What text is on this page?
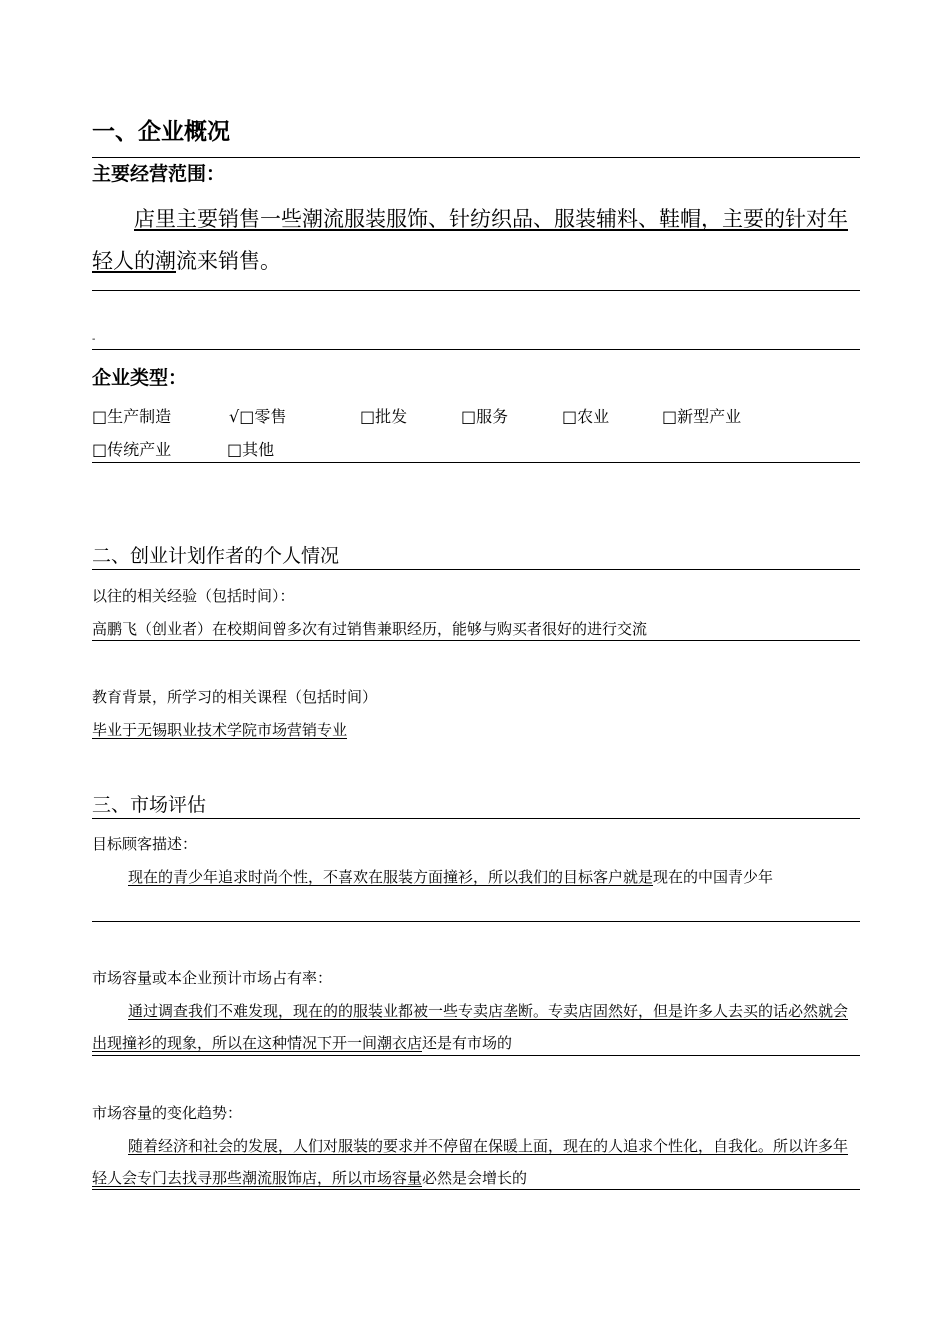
一、企业概况
主要经营范围：
店里主要销售一些潮流服装服饰、针纺织品、服装辅料、鞋帽，主要的针对年轻人的潮流来销售。
-
企业类型：
□生产制造	√□零售	□批发	□服务	□农业	□新型产业
□传统产业	□其他
二、创业计划作者的个人情况
以往的相关经验（包括时间）：
高鹏飞（创业者）在校期间曾多次有过销售兼职经历，能够与购买者很好的进行交流
教育背景，所学习的相关课程（包括时间）
毕业于无锡职业技术学院市场营销专业
三、市场评估
目标顾客描述：
现在的青少年追求时尚个性，不喜欢在服装方面撞衫，所以我们的目标客户就是现在的中国青少年
市场容量或本企业预计市场占有率：
通过调查我们不难发现，现在的的服装业都被一些专卖店垄断。专卖店固然好，但是许多人去买的话必然就会出现撞衫的现象，所以在这种情况下开一间潮衣店还是有市场的
市场容量的变化趋势：
随着经济和社会的发展，人们对服装的要求并不停留在保暖上面，现在的人追求个性化，自我化。所以许多年轻人会专门去找寻那些潮流服饰店，所以市场容量必然是会增长的
